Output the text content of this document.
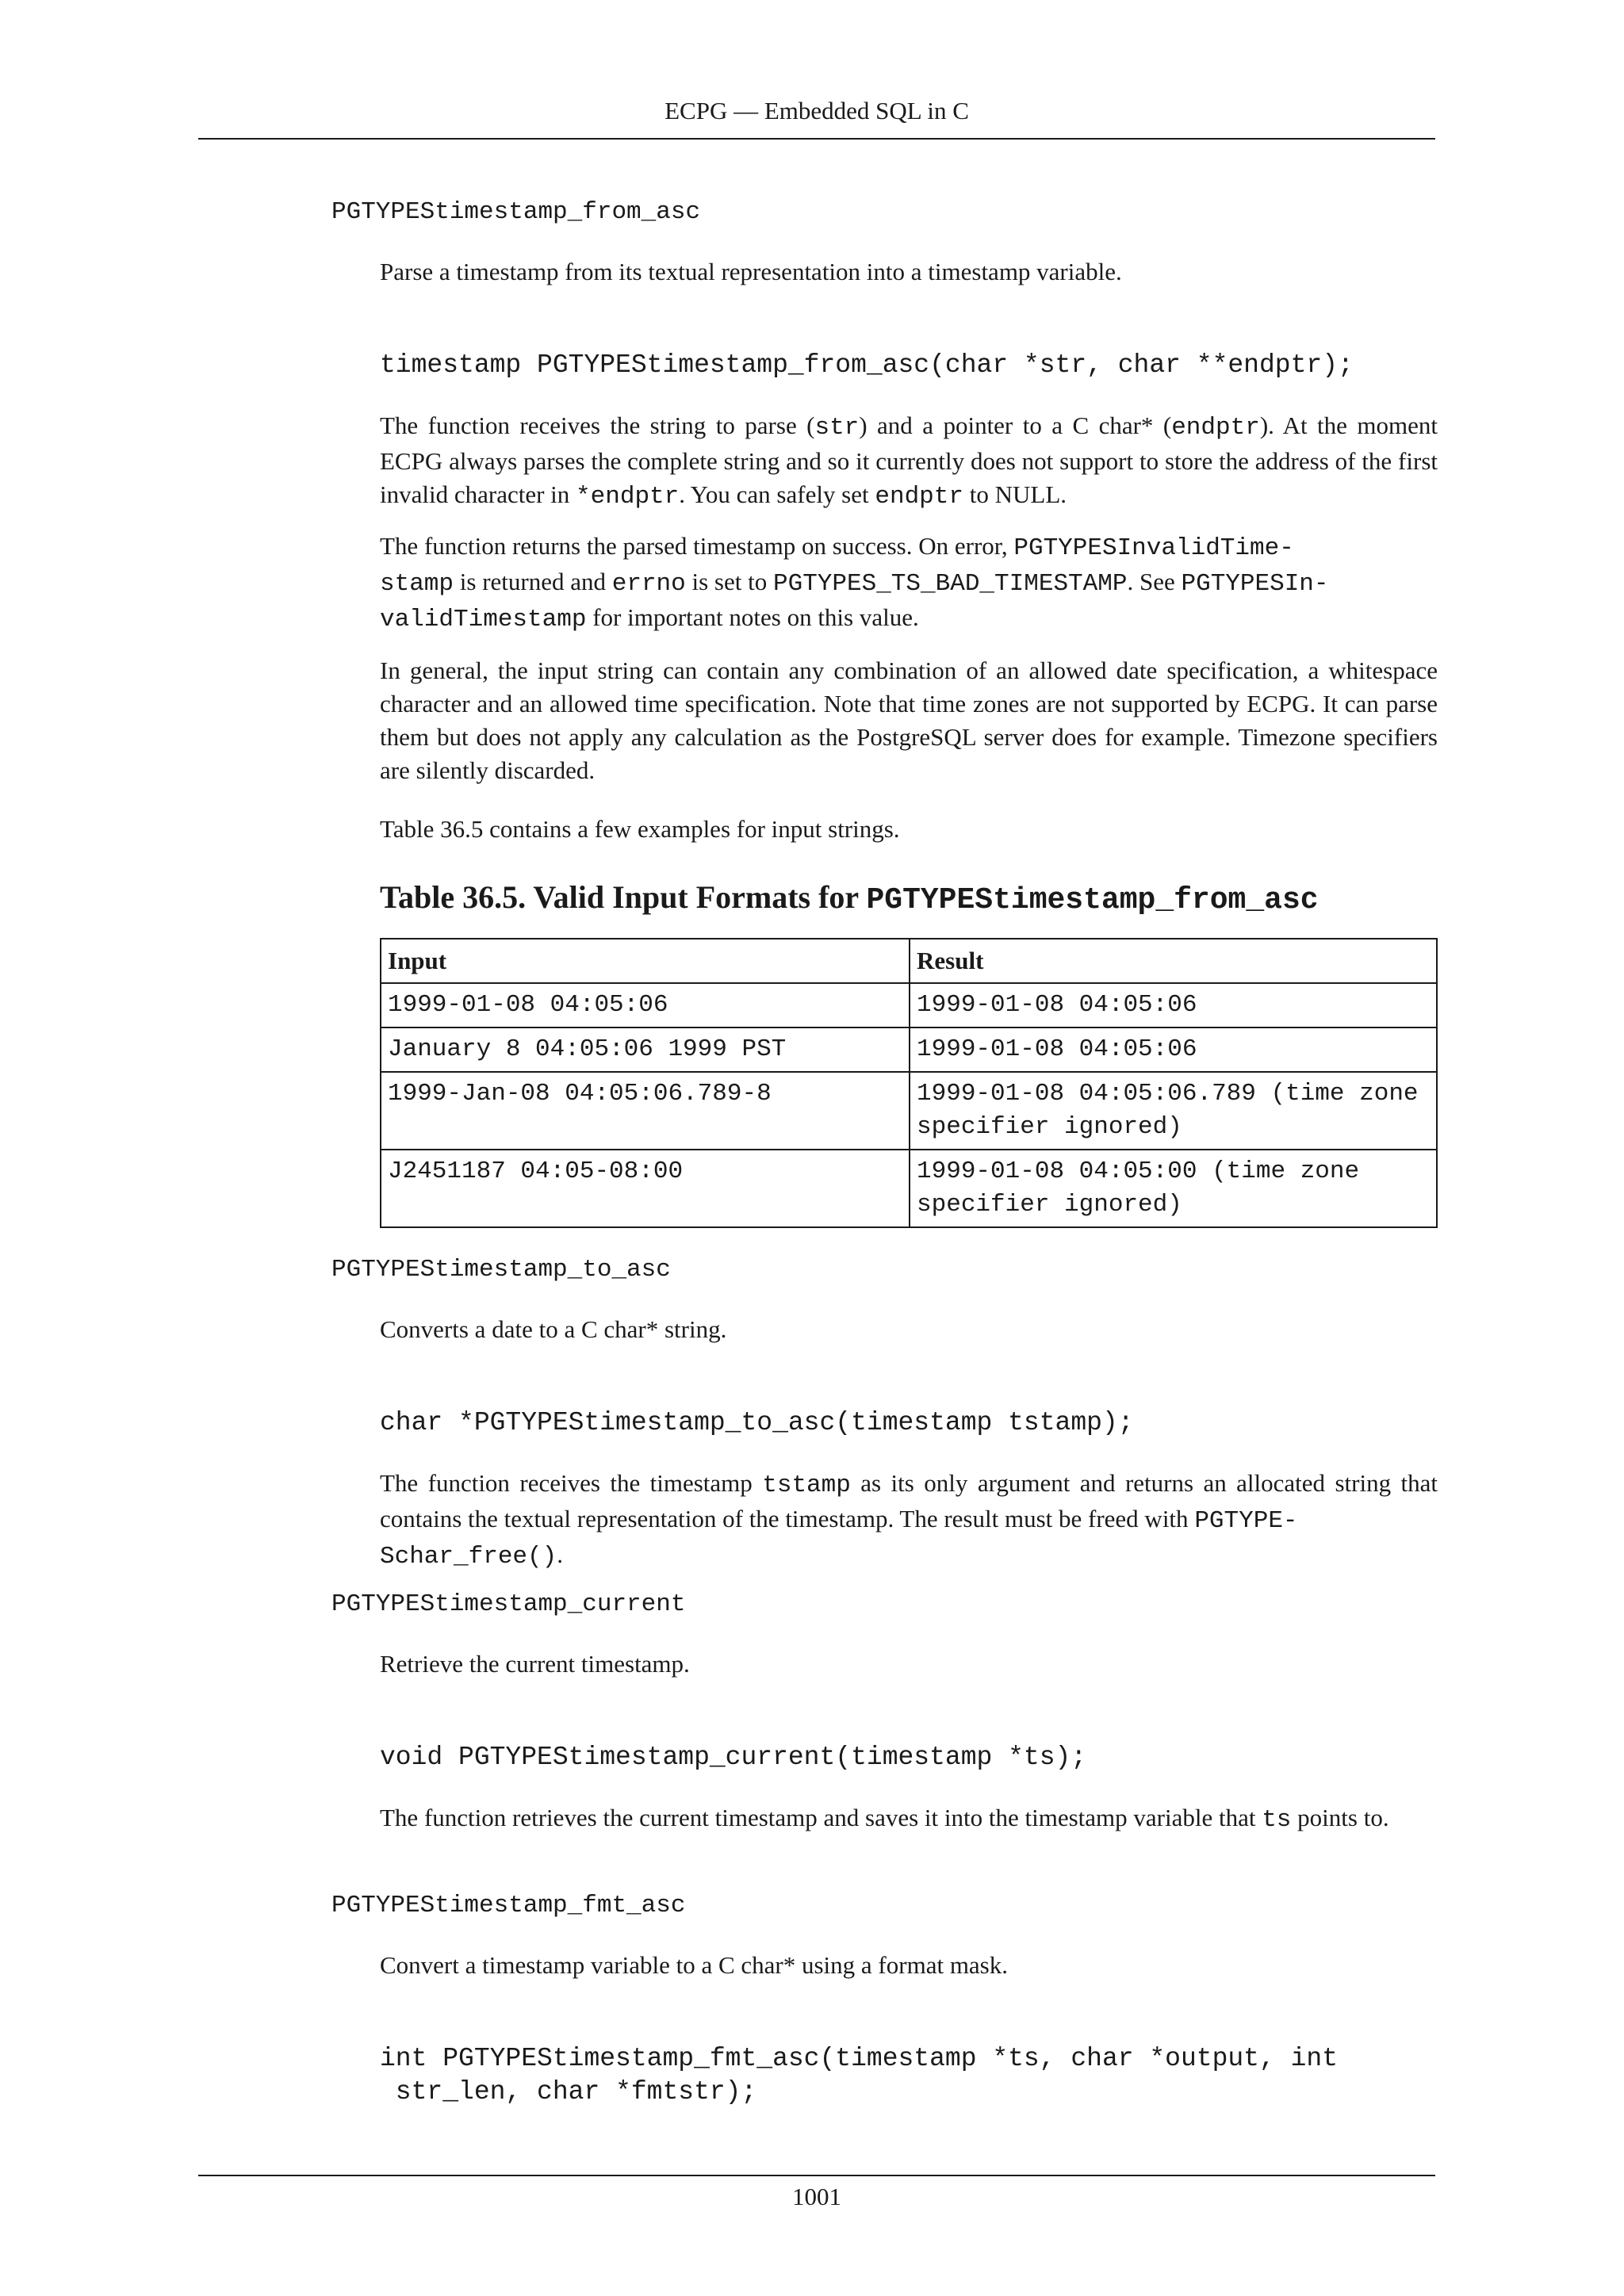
ECPG — Embedded SQL in C
PGTYPEStimestamp_from_asc
Parse a timestamp from its textual representation into a timestamp variable.
timestamp PGTYPEStimestamp_from_asc(char *str, char **endptr);
The function receives the string to parse (str) and a pointer to a C char* (endptr). At the moment ECPG always parses the complete string and so it currently does not support to store the address of the first invalid character in *endptr. You can safely set endptr to NULL.
The function returns the parsed timestamp on success. On error, PGTYPESInvalidTime-
stamp is returned and errno is set to PGTYPES_TS_BAD_TIMESTAMP. See PGTYPESIn-
validTimestamp for important notes on this value.
In general, the input string can contain any combination of an allowed date specification, a whitespace character and an allowed time specification. Note that time zones are not supported by ECPG. It can parse them but does not apply any calculation as the PostgreSQL server does for example. Timezone specifiers are silently discarded.
Table 36.5 contains a few examples for input strings.
Table 36.5. Valid Input Formats for PGTYPEStimestamp_from_asc
Input	Result
1999-01-08 04:05:06	1999-01-08 04:05:06
January 8 04:05:06 1999 PST	1999-01-08 04:05:06
1999-Jan-08 04:05:06.789-8	1999-01-08 04:05:06.789 (time zone specifier ignored)
J2451187 04:05-08:00	1999-01-08 04:05:00 (time zone specifier ignored)
PGTYPEStimestamp_to_asc
Converts a date to a C char* string.
char *PGTYPEStimestamp_to_asc(timestamp tstamp);
The function receives the timestamp tstamp as its only argument and returns an allocated string that contains the textual representation of the timestamp. The result must be freed with PGTYPE-
Schar_free().
PGTYPEStimestamp_current
Retrieve the current timestamp.
void PGTYPEStimestamp_current(timestamp *ts);
The function retrieves the current timestamp and saves it into the timestamp variable that ts points to.
PGTYPEStimestamp_fmt_asc
Convert a timestamp variable to a C char* using a format mask.
int PGTYPEStimestamp_fmt_asc(timestamp *ts, char *output, int
str_len, char *fmtstr);
1001
